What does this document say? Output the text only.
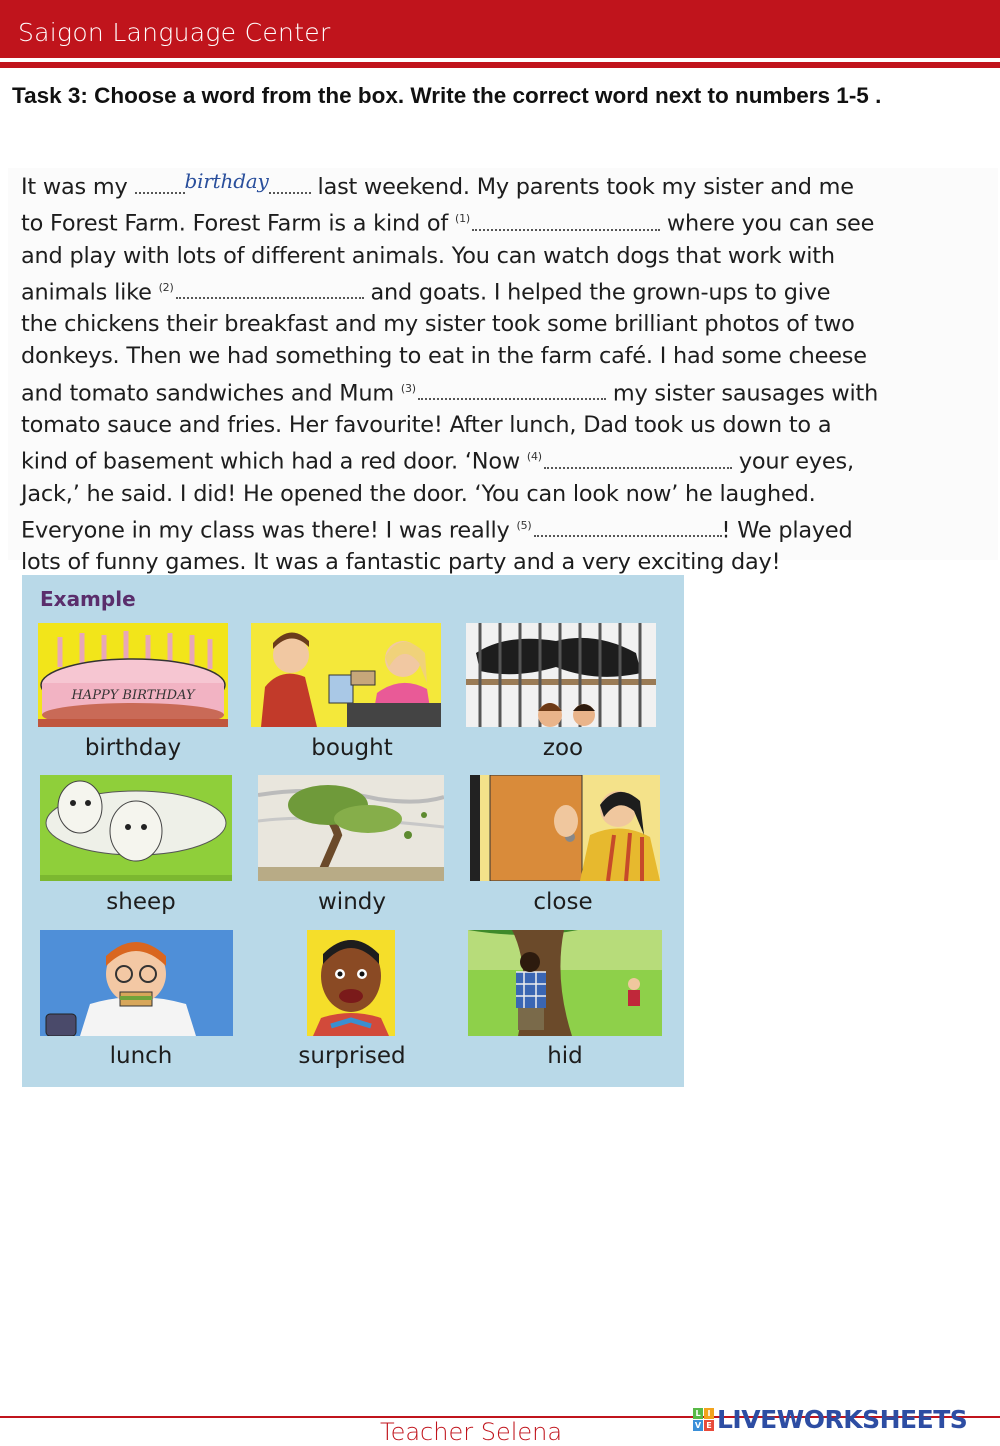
Saigon Language Center
Task 3: Choose a word from the box. Write the correct word next to numbers 1-5 .
It was my	birthday last weekend. My parents took my sister and me
to Forest Farm. Forest Farm is a kind of $^{(1)}$	where you can see
and play with lots of different animals. You can watch dogs that work with
animals like $^{(2)}$	and goats. I helped the grown-ups to give
the chickens their breakfast and my sister took some brilliant photos of two
donkeys. Then we had something to eat in the farm café. I had some cheese
and tomato sandwiches and Mum $^{(3)}$	my sister sausages with
tomato sauce and fries. Her favourite! After lunch, Dad took us down to a
kind of basement which had a red door. ‘Now $^{(4)}$	your eyes,
Jack,’ he said. I did! He opened the door. ‘You can look now’ he laughed.
Everyone in my class was there! I was really $^{(5)}$	! We played
lots of funny games. It was a fantastic party and a very exciting day!
Example
HAPPY BIRTHDAY
birthday	bought	zoo
sheep	windy	close
lunch	surprised	hid
Teacher Selena
L I
V E LIVEWORKSHEETS
